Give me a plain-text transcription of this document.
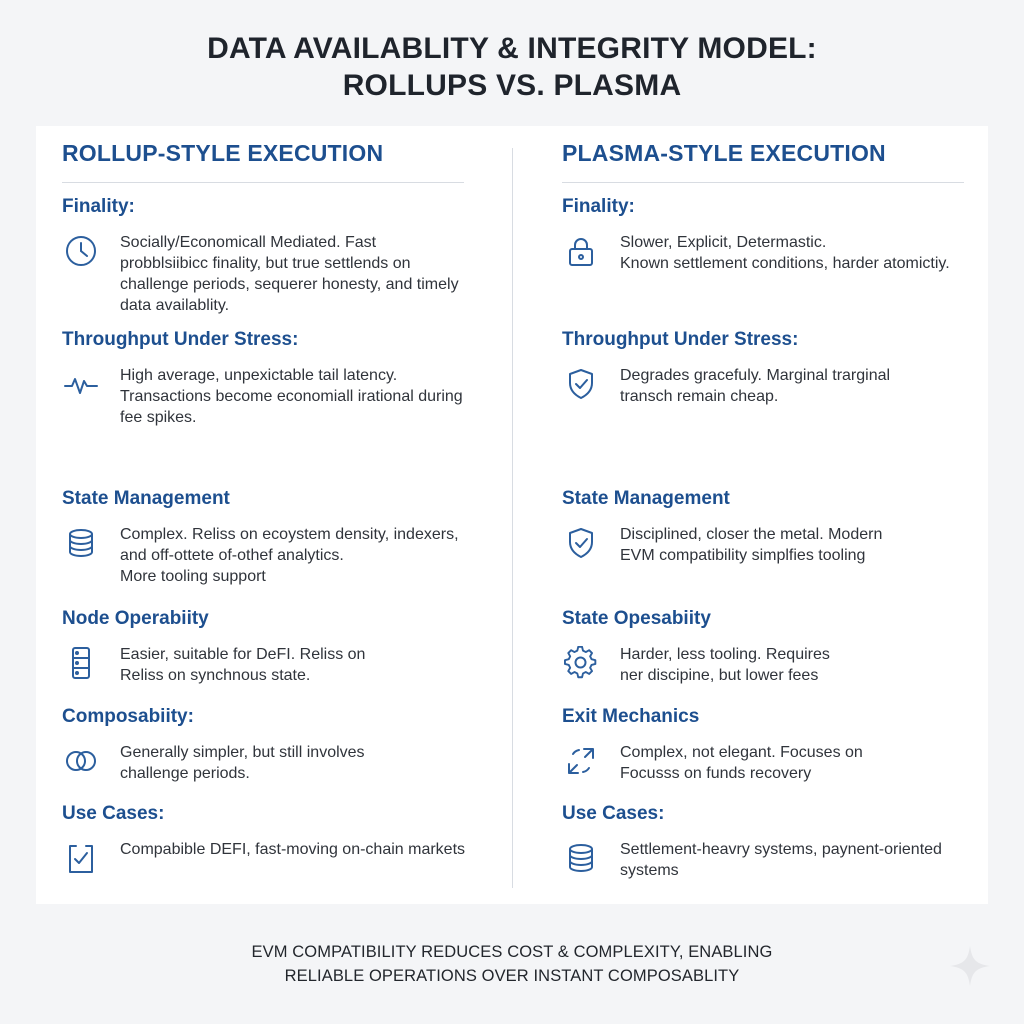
DATA AVAILABLITY & INTEGRITY MODEL:
ROLLUPS VS. PLASMA
ROLLUP-STYLE EXECUTION
Finality:
Socially/Economicall Mediated. Fast
probblsiibicc finality, but true settlends on
challenge periods, sequerer honesty, and timely
data availablity.
Throughput Under Stress:
High average, unpexictable tail latency.
Transactions become economiall irational during
fee spikes.
State Management
Complex. Reliss on ecoystem density, indexers,
and off-ottete of-othef analytics.
More tooling support
Node Operabiity
Easier, suitable for DeFI. Reliss on
Reliss on synchnous state.
Composabiity:
Generally simpler, but still involves
challenge periods.
Use Cases:
Compabible DEFI, fast-moving on-chain markets
PLASMA-STYLE EXECUTION
Finality:
Slower, Explicit, Determastic.
Known settlement conditions, harder atomictiy.
Throughput Under Stress:
Degrades gracefuly. Marginal trarginal
transch remain cheap.
State Management
Disciplined, closer the metal. Modern
EVM compatibility simplfies tooling
State Opesabiity
Harder, less tooling. Requires
ner discipine, but lower fees
Exit Mechanics
Complex, not elegant. Focuses on
Focusss on funds recovery
Use Cases:
Settlement-heavry systems, paynent-oriented
systems
EVM COMPATIBILITY REDUCES COST & COMPLEXITY, ENABLING
RELIABLE OPERATIONS OVER INSTANT COMPOSABLITY
